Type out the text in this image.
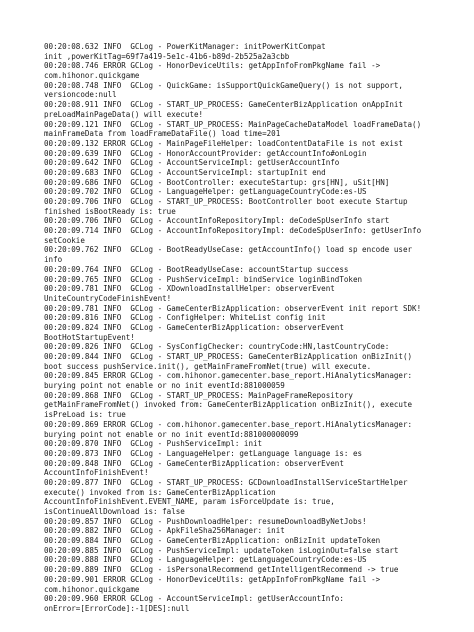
00:20:08.632 INFO  GCLog - PowerKitManager: initPowerKitCompat
init ,powerKitTag=69f7a419-5e1c-41b6-b89d-2b525a2a3cbb
00:20:08.746 ERROR GCLog - HonorDeviceUtils: getAppInfoFromPkgName fail ->
com.hihonor.quickgame
00:20:08.748 INFO  GCLog - QuickGame: isSupportQuickGameQuery() is not support,
versioncode:null
00:20:08.911 INFO  GCLog - START_UP_PROCESS: GameCenterBizApplication onAppInit
preLoadMainPageData() will execute!
00:20:09.121 INFO  GCLog - START_UP_PROCESS: MainPageCacheDataModel loadFrameData()
mainFrameData from loadFrameDataFile() load time=201
00:20:09.132 ERROR GCLog - MainPageFileHelper: loadContentDataFile is not exist
00:20:09.639 INFO  GCLog - HonorAccountProvider: getAccountInfo#onLogin
00:20:09.642 INFO  GCLog - AccountServiceImpl: getUserAccountInfo
00:20:09.683 INFO  GCLog - AccountServiceImpl: startupInit end
00:20:09.686 INFO  GCLog - BootController: executeStartup: grs[HN], uSit[HN]
00:20:09.702 INFO  GCLog - LanguageHelper: getLanguageCountryCode:es-US
00:20:09.706 INFO  GCLog - START_UP_PROCESS: BootController boot execute Startup
finished isBootReady is: true
00:20:09.706 INFO  GCLog - AccountInfoRepositoryImpl: deCodeSpUserInfo start
00:20:09.714 INFO  GCLog - AccountInfoRepositoryImpl: deCodeSpUserInfo: getUserInfo
setCookie
00:20:09.762 INFO  GCLog - BootReadyUseCase: getAccountInfo() load sp encode user
info
00:20:09.764 INFO  GCLog - BootReadyUseCase: accountStartup success
00:20:09.765 INFO  GCLog - PushServiceImpl: bindService loginBindToken
00:20:09.781 INFO  GCLog - XDownloadInstallHelper: observerEvent
UniteCountryCodeFinishEvent!
00:20:09.781 INFO  GCLog - GameCenterBizApplication: observerEvent init report SDK!
00:20:09.816 INFO  GCLog - ConfigHelper: WhiteList config init
00:20:09.824 INFO  GCLog - GameCenterBizApplication: observerEvent
BootHotStartupEvent!
00:20:09.826 INFO  GCLog - SysConfigChecker: countryCode:HN,lastCountryCode:
00:20:09.844 INFO  GCLog - START_UP_PROCESS: GameCenterBizApplication onBizInit()
boot success pushService.init(), getMainFrameFromNet(true) will execute.
00:20:09.845 ERROR GCLog - com.hihonor.gamecenter.base_report.HiAnalyticsManager:
burying point not enable or no init eventId:881000059
00:20:09.868 INFO  GCLog - START_UP_PROCESS: MainPageFrameRepository
getMainFrameFromNet() invoked from: GameCenterBizApplication onBizInit(), execute
isPreLoad is: true
00:20:09.869 ERROR GCLog - com.hihonor.gamecenter.base_report.HiAnalyticsManager:
burying point not enable or no init eventId:881000000099
00:20:09.870 INFO  GCLog - PushServiceImpl: init
00:20:09.873 INFO  GCLog - LanguageHelper: getLanguage language is: es
00:20:09.848 INFO  GCLog - GameCenterBizApplication: observerEvent
AccountInfoFinishEvent!
00:20:09.877 INFO  GCLog - START_UP_PROCESS: GCDownloadInstallServiceStartHelper
execute() invoked from is: GameCenterBizApplication
AccountInfoFinishEvent.EVENT_NAME, param isForceUpdate is: true,
isContinueAllDownload is: false
00:20:09.857 INFO  GCLog - PushDownloadHelper: resumeDownloadByNetJobs!
00:20:09.882 INFO  GCLog - ApkFileSha256Manager: init
00:20:09.884 INFO  GCLog - GameCenterBizApplication: onBizInit updateToken
00:20:09.885 INFO  GCLog - PushServiceImpl: updateToken isLoginOut=false start
00:20:09.888 INFO  GCLog - LanguageHelper: getLanguageCountryCode:es-US
00:20:09.889 INFO  GCLog - isPersonalRecommend getIntelligentRecommend -> true
00:20:09.901 ERROR GCLog - HonorDeviceUtils: getAppInfoFromPkgName fail ->
com.hihonor.quickgame
00:20:09.960 ERROR GCLog - AccountServiceImpl: getUserAccountInfo:
onError=[ErrorCode]:-1[DES]:null
